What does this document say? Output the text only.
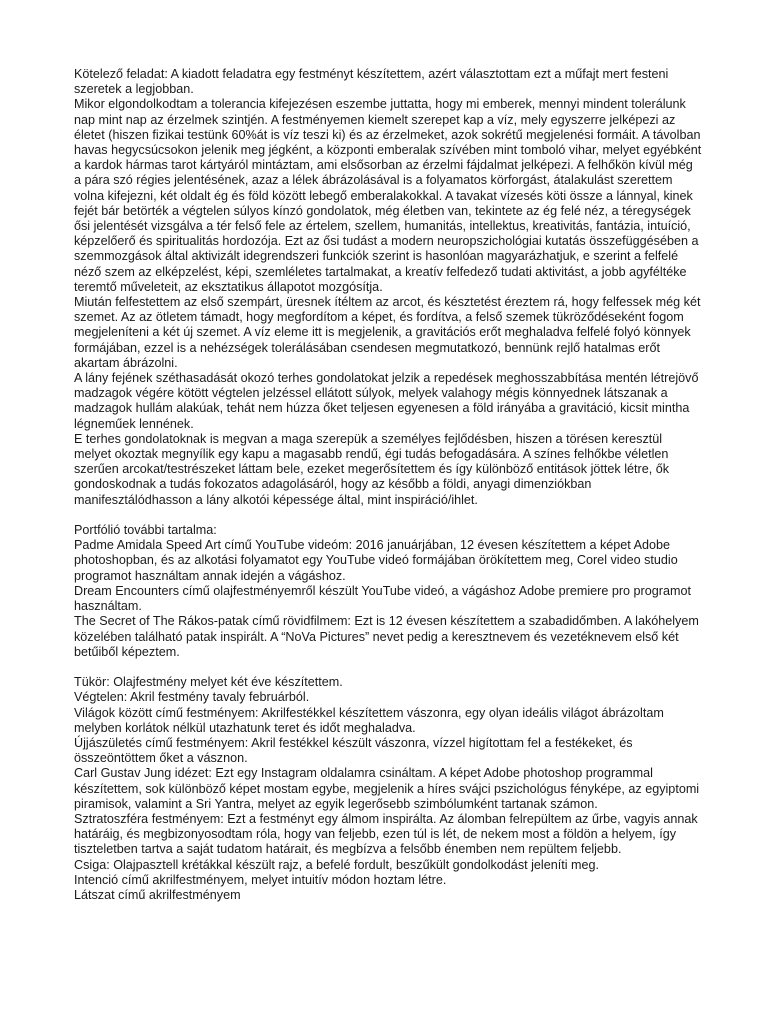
Kötelező feladat: A kiadott feladatra egy festményt készítettem, azért választottam ezt a műfajt mert festeni szeretek a legjobban.

Mikor elgondolkodtam a tolerancia kifejezésen eszembe juttatta, hogy mi emberek, mennyi mindent tolerálunk nap mint nap az érzelmek szintjén. A festményemen kiemelt szerepet kap a víz, mely egyszerre jelképezi az életet (hiszen fizikai testünk 60%át is víz teszi ki) és az érzelmeket, azok sokrétű megjelenési formáit. A távolban havas hegycsúcsokon jelenik meg jégként, a központi emberalak szívében mint tomboló vihar, melyet egyébként a kardok hármas tarot kártyáról mintáztam, ami elsősorban az érzelmi fájdalmat jelképezi. A felhőkön kívül még a pára szó régies jelentésének, azaz a lélek ábrázolásával is a folyamatos körforgást, átalakulást szerettem volna kifejezni, két oldalt ég és föld között lebegő emberalakokkal. A tavakat vízesés köti össze a lánnyal, kinek fejét bár betörték a végtelen súlyos kínzó gondolatok, még életben van, tekintete az ég felé néz, a téregységek ősi jelentését vizsgálva a tér felső fele az értelem, szellem, humanitás, intellektus, kreativitás, fantázia, intuíció, képzelőerő és spiritualitás hordozója. Ezt az ősi tudást a modern neuropszichológiai kutatás összefüggésében a szemmozgások által aktivizált idegrendszeri funkciók szerint is hasonlóan magyarázhatjuk, e szerint a felfelé néző szem az elképzelést, képi, szemléletes tartalmakat, a kreatív felfedező tudati aktivitást, a jobb agyféltéke teremtő műveleteit, az eksztatikus állapotot mozgósítja.

Miután felfestettem az első szempárt, üresnek ítéltem az arcot, és késztetést éreztem rá, hogy felfessek még két szemet. Az az ötletem támadt, hogy megfordítom a képet, és fordítva, a felső szemek tükröződéseként fogom megjeleníteni a két új szemet. A víz eleme itt is megjelenik, a gravitációs erőt meghaladva felfelé folyó könnyek formájában, ezzel is a nehézségek tolerálásában csendesen megmutatkozó, bennünk rejlő hatalmas erőt akartam ábrázolni.

A lány fejének széthasadását okozó terhes gondolatokat jelzik a repedések meghosszabbítása mentén létrejövő madzagok végére kötött végtelen jelzéssel ellátott súlyok, melyek valahogy mégis könnyednek látszanak a madzagok hullám alakúak, tehát nem húzza őket teljesen egyenesen a föld irányába a gravitáció, kicsit mintha légneműek lennének.

E terhes gondolatoknak is megvan a maga szerepük a személyes fejlődésben, hiszen a törésen keresztül melyet okoztak megnyílik egy kapu a magasabb rendű, égi tudás befogadására. A színes felhőkbe véletlen szerűen arcokat/testrészeket láttam bele, ezeket megerősítettem és így különböző entitások jöttek létre, ők gondoskodnak a tudás fokozatos adagolásáról, hogy az később a földi, anyagi dimenziókban manifesztálódhasson a lány alkotói képessége által, mint inspiráció/ihlet.

Portfólió további tartalma:

Padme Amidala Speed Art című YouTube videóm: 2016 januárjában, 12 évesen készítettem a képet Adobe photoshopban, és az alkotási folyamatot egy YouTube videó formájában örökítettem meg, Corel video studio programot használtam annak idején a vágáshoz.

Dream Encounters című olajfestményemről készült YouTube videó, a vágáshoz Adobe premiere pro programot használtam.

The Secret of The Rákos-patak című rövidfilmem: Ezt is 12 évesen készítettem a szabadidőmben. A lakóhelyem közelében található patak inspirált. A “NoVa Pictures” nevet pedig a keresztnevem és vezetéknevem első két betűiből képeztem.

Tükör: Olajfestmény melyet két éve készítettem.

Végtelen: Akril festmény tavaly februárból.

Világok között című festményem: Akrilfestékkel készítettem vászonra, egy olyan ideális világot ábrázoltam melyben korlátok nélkül utazhatunk teret és időt meghaladva.

Újjászületés című festményem: Akril festékkel készült vászonra, vízzel higítottam fel a festékeket, és összeöntöttem őket a vásznon.

Carl Gustav Jung idézet: Ezt egy Instagram oldalamra csináltam. A képet Adobe photoshop programmal készítettem, sok különböző képet mostam egybe, megjelenik a híres svájci pszichológus fényképe, az egyiptomi piramisok, valamint a Sri Yantra, melyet az egyik legerősebb szimbólumként tartanak számon.

Sztratoszféra festményem: Ezt a festményt egy álmom inspirálta. Az álomban felrepültem az űrbe, vagyis annak határáig, és megbizonyosodtam róla, hogy van feljebb, ezen túl is lét, de nekem most a földön a helyem, így tiszteletben tartva a saját tudatom határait, és megbízva a felsőbb énemben nem repültem feljebb.

Csiga: Olajpasztell krétákkal készült rajz, a befelé fordult, beszűkült gondolkodást jeleníti meg.

Intenció című akrilfestményem, melyet intuitív módon hoztam létre.

Látszat című akrilfestményem
